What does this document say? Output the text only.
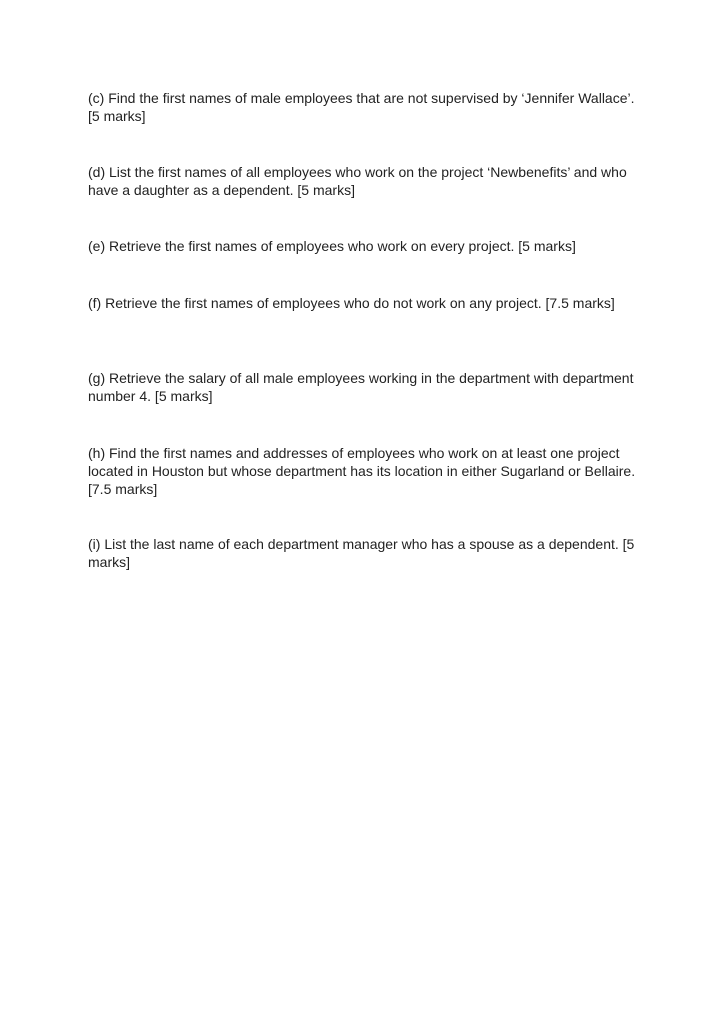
(c) Find the first names of male employees that are not supervised by ‘Jennifer Wallace’. [5 marks]

(d) List the first names of all employees who work on the project ‘Newbenefits’ and who have a daughter as a dependent. [5 marks]

(e) Retrieve the first names of employees who work on every project. [5 marks]

(f) Retrieve the first names of employees who do not work on any project. [7.5 marks]

(g) Retrieve the salary of all male employees working in the department with department number 4. [5 marks]

(h) Find the first names and addresses of employees who work on at least one project located in Houston but whose department has its location in either Sugarland or Bellaire. [7.5 marks]

(i) List the last name of each department manager who has a spouse as a dependent. [5 marks]
